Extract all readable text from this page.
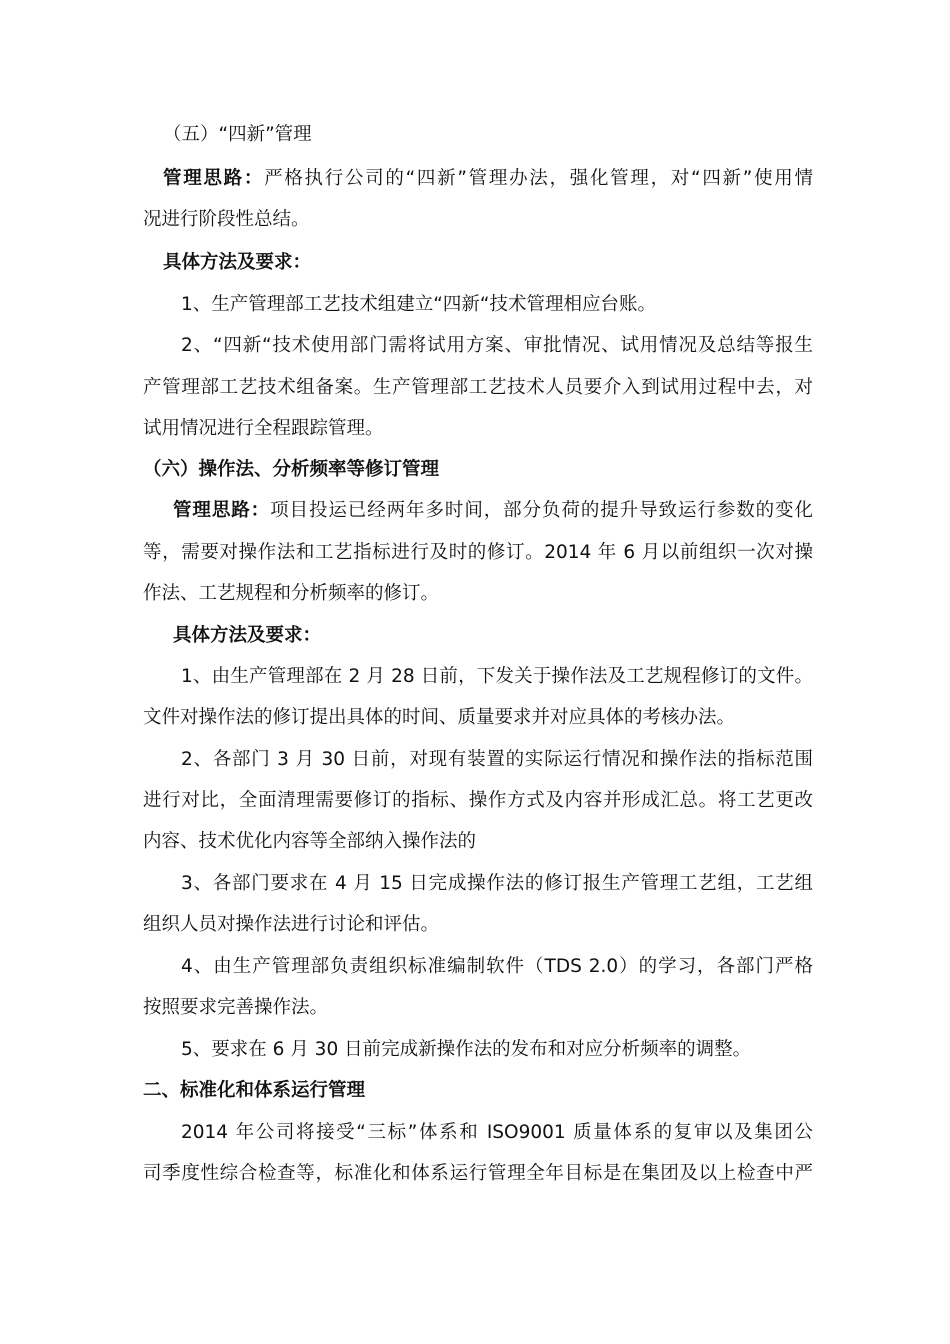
（五）“四新”管理
管理思路：严格执行公司的“四新”管理办法，强化管理，对“四新”使用情
况进行阶段性总结。
具体方法及要求：
1、生产管理部工艺技术组建立“四新“技术管理相应台账。
2、“四新“技术使用部门需将试用方案、审批情况、试用情况及总结等报生
产管理部工艺技术组备案。生产管理部工艺技术人员要介入到试用过程中去，对
试用情况进行全程跟踪管理。
（六）操作法、分析频率等修订管理
管理思路：项目投运已经两年多时间，部分负荷的提升导致运行参数的变化
等，需要对操作法和工艺指标进行及时的修订。2014 年 6 月以前组织一次对操
作法、工艺规程和分析频率的修订。
具体方法及要求：
1、由生产管理部在 2 月 28 日前，下发关于操作法及工艺规程修订的文件。
文件对操作法的修订提出具体的时间、质量要求并对应具体的考核办法。
2、各部门 3 月 30 日前，对现有装置的实际运行情况和操作法的指标范围
进行对比，全面清理需要修订的指标、操作方式及内容并形成汇总。将工艺更改
内容、技术优化内容等全部纳入操作法的
3、各部门要求在 4 月 15 日完成操作法的修订报生产管理工艺组，工艺组
组织人员对操作法进行讨论和评估。
4、由生产管理部负责组织标准编制软件（TDS 2.0）的学习，各部门严格
按照要求完善操作法。
5、要求在 6 月 30 日前完成新操作法的发布和对应分析频率的调整。
二、标准化和体系运行管理
2014 年公司将接受“三标”体系和 ISO9001 质量体系的复审以及集团公
司季度性综合检查等，标准化和体系运行管理全年目标是在集团及以上检查中严
